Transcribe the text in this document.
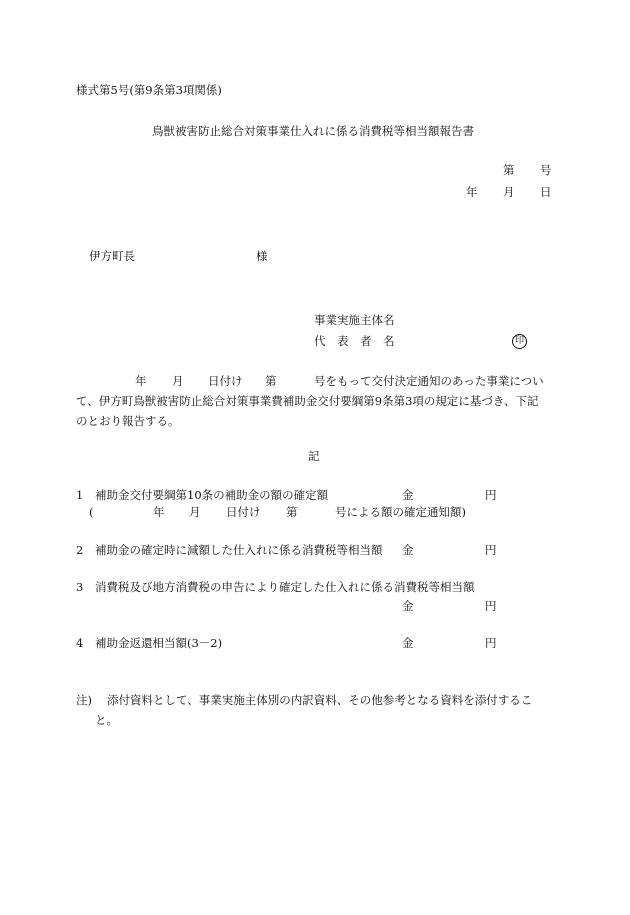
様式第5号(第9条第3項関係)
鳥獣被害防止総合対策事業仕入れに係る消費税等相当額報告書
第 号
年 月 日
伊方町長	様
事業実施主体名
代　表　者　名	印
年 月 日付け 第	号をもって交付決定通知のあった事業につい
て、伊方町鳥獣被害防止総合対策事業費補助金交付要綱第9条第3項の規定に基づき、下記
のとおり報告する。
記
1 補助金交付要綱第10条の補助金の額の確定額	金	円
(	年 月 日付け 第	号による額の確定通知額)
2 補助金の確定時に減額した仕入れに係る消費税等相当額 金	円
3 消費税及び地方消費税の申告により確定した仕入れに係る消費税等相当額
金	円
4 補助金返還相当額(3－2)	金	円
注) 添付資料として、事業実施主体別の内訳資料、その他参考となる資料を添付するこ
と。
